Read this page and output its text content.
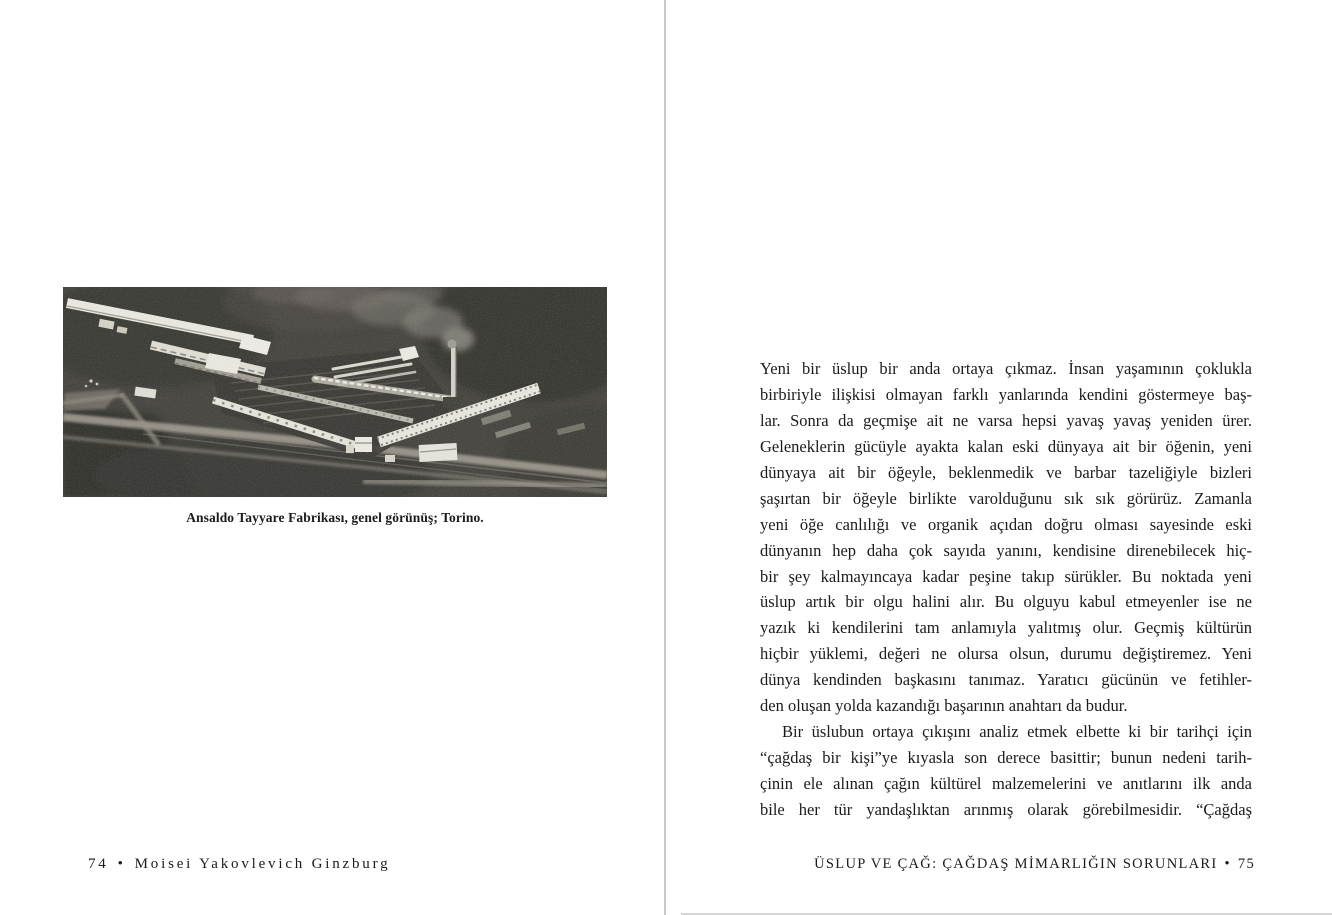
Ansaldo Tayyare Fabrikası, genel görünüş; Torino.
74 • Moisei Yakovlevich Ginzburg
Yeni bir üslup bir anda ortaya çıkmaz. İnsan yaşamının çoklukla
birbiriyle ilişkisi olmayan farklı yanlarında kendini göstermeye baş-
lar. Sonra da geçmişe ait ne varsa hepsi yavaş yavaş yeniden ürer.
Geleneklerin gücüyle ayakta kalan eski dünyaya ait bir öğenin, yeni
dünyaya ait bir öğeyle, beklenmedik ve barbar tazeliğiyle bizleri
şaşırtan bir öğeyle birlikte varolduğunu sık sık görürüz. Zamanla
yeni öğe canlılığı ve organik açıdan doğru olması sayesinde eski
dünyanın hep daha çok sayıda yanını, kendisine direnebilecek hiç-
bir şey kalmayıncaya kadar peşine takıp sürükler. Bu noktada yeni
üslup artık bir olgu halini alır. Bu olguyu kabul etmeyenler ise ne
yazık ki kendilerini tam anlamıyla yalıtmış olur. Geçmiş kültürün
hiçbir yüklemi, değeri ne olursa olsun, durumu değiştiremez. Yeni
dünya kendinden başkasını tanımaz. Yaratıcı gücünün ve fetihler-
den oluşan yolda kazandığı başarının anahtarı da budur.
Bir üslubun ortaya çıkışını analiz etmek elbette ki bir tarihçi için
“çağdaş bir kişi”ye kıyasla son derece basittir; bunun nedeni tarih-
çinin ele alınan çağın kültürel malzemelerini ve anıtlarını ilk anda
bile her tür yandaşlıktan arınmış olarak görebilmesidir. “Çağdaş
ÜSLUP VE ÇAĞ: ÇAĞDAŞ MİMARLIĞIN SORUNLARI • 75
